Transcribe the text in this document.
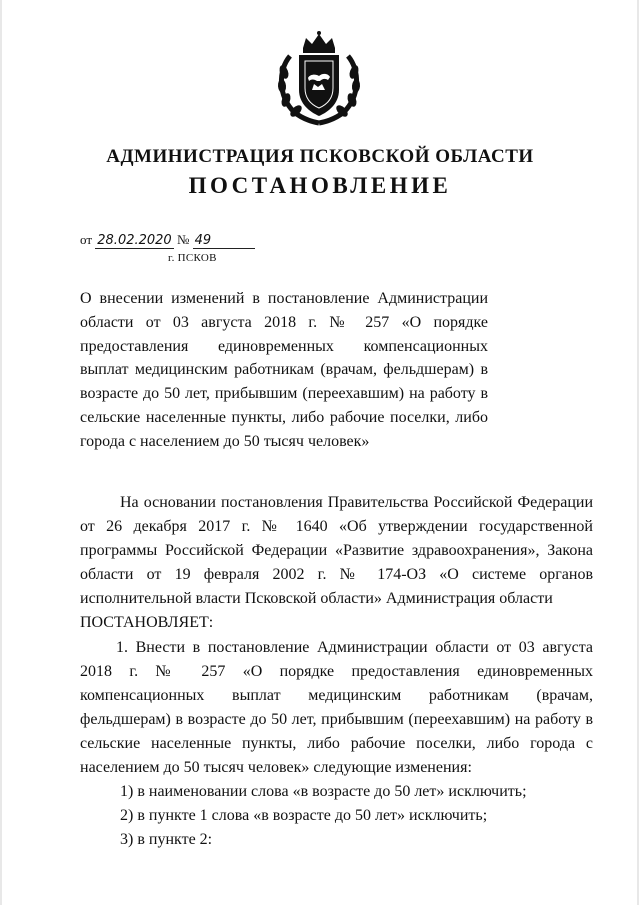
АДМИНИСТРАЦИЯ ПСКОВСКОЙ ОБЛАСТИ
ПОСТАНОВЛЕНИЕ
от 28.02.2020 № 49
г. ПСКОВ
О внесении изменений в постановление Администрации области от 03 августа 2018 г. № 257 «О порядке предоставления единовременных компенсационных выплат медицинским работникам (врачам, фельдшерам) в возрасте до 50 лет, прибывшим (переехавшим) на работу в сельские населенные пункты, либо рабочие поселки, либо города с населением до 50 тысяч человек»

На основании постановления Правительства Российской Федерации от 26 декабря 2017 г. № 1640 «Об утверждении государственной программы Российской Федерации «Развитие здравоохранения», Закона области от 19 февраля 2002 г. № 174-ОЗ «О системе органов исполнительной власти Псковской области» Администрация области

ПОСТАНОВЛЯЕТ:

1. Внести в постановление Администрации области от 03 августа 2018 г. № 257 «О порядке предоставления единовременных компенсационных выплат медицинским работникам (врачам, фельдшерам) в возрасте до 50 лет, прибывшим (переехавшим) на работу в сельские населенные пункты, либо рабочие поселки, либо города с населением до 50 тысяч человек» следующие изменения:

1) в наименовании слова «в возрасте до 50 лет» исключить;

2) в пункте 1 слова «в возрасте до 50 лет» исключить;

3) в пункте 2:
